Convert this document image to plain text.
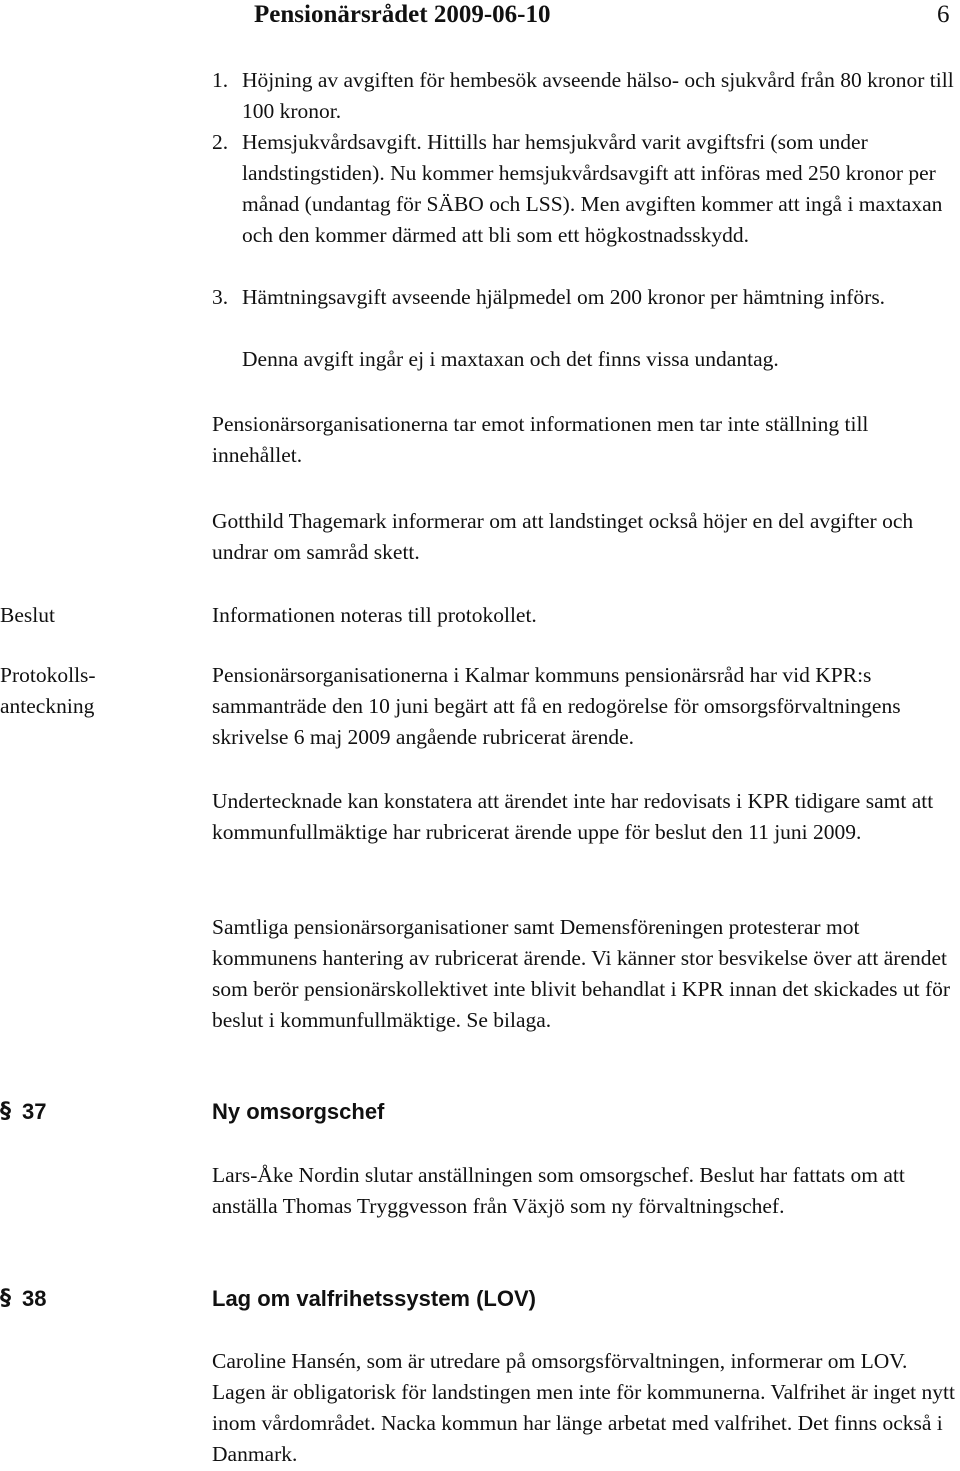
Pensionärsrådet 2009-06-10	6
1. Höjning av avgiften för hembesök avseende hälso- och sjukvård från 80 kronor till 100 kronor.
2. Hemsjukvårdsavgift. Hittills har hemsjukvård varit avgiftsfri (som under landstingstiden). Nu kommer hemsjukvårdsavgift att införas med 250 kronor per månad (undantag för SÄBO och LSS). Men avgiften kommer att ingå i maxtaxan och den kommer därmed att bli som ett högkostnadsskydd.
3. Hämtningsavgift avseende hjälpmedel om 200 kronor per hämtning införs.
Denna avgift ingår ej i maxtaxan och det finns vissa undantag.

Pensionärsorganisationerna tar emot informationen men tar inte ställning till innehållet.

Gotthild Thagemark informerar om att landstinget också höjer en del avgifter och undrar om samråd skett.

Beslut	Informationen noteras till protokollet.

Protokolls-
anteckning

Pensionärsorganisationerna i Kalmar kommuns pensionärsråd har vid KPR:s sammanträde den 10 juni begärt att få en redogörelse för omsorgsförvaltningens skrivelse 6 maj 2009 angående rubricerat ärende.

Undertecknade kan konstatera att ärendet inte har redovisats i KPR tidigare samt att kommunfullmäktige har rubricerat ärende uppe för beslut den 11 juni 2009.

Samtliga pensionärsorganisationer samt Demensföreningen protesterar mot kommunens hantering av rubricerat ärende. Vi känner stor besvikelse över att ärendet som berör pensionärskollektivet inte blivit behandlat i KPR innan det skickades ut för beslut i kommunfullmäktige. Se bilaga.

§ 37	Ny omsorgschef

Lars-Åke Nordin slutar anställningen som omsorgschef. Beslut har fattats om att anställa Thomas Tryggvesson från Växjö som ny förvaltningschef.

§ 38	Lag om valfrihetssystem (LOV)

Caroline Hansén, som är utredare på omsorgsförvaltningen, informerar om LOV. Lagen är obligatorisk för landstingen men inte för kommunerna. Valfrihet är inget nytt inom vårdområdet. Nacka kommun har länge arbetat med valfrihet. Det finns också i Danmark.
